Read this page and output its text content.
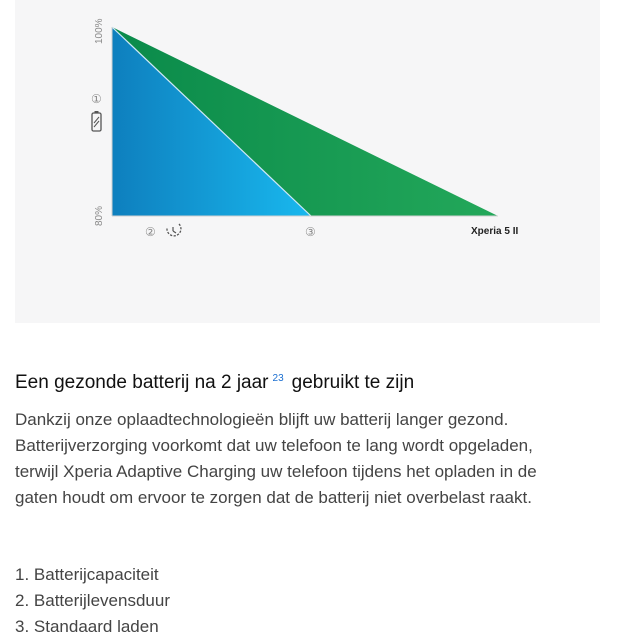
100%
80%
①
②	③	Xperia 5 II
Een gezonde batterij na 2 jaar $^{23}$ gebruikt te zijn
Dankzij onze oplaadtechnologieën blijft uw batterij langer gezond. Batterijverzorging voorkomt dat uw telefoon te lang wordt opgeladen, terwijl Xperia Adaptive Charging uw telefoon tijdens het opladen in de gaten houdt om ervoor te zorgen dat de batterij niet overbelast raakt.
1. Batterijcapaciteit
2. Batterijlevensduur
3. Standaard laden
